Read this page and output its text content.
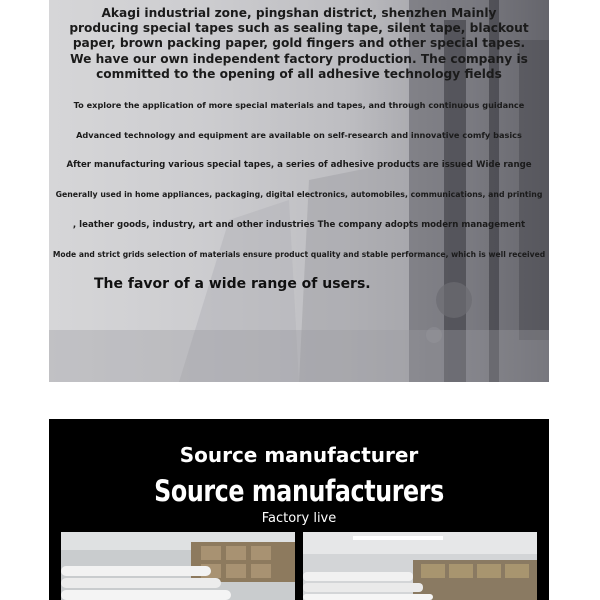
Akagi industrial zone, pingshan district, shenzhen Mainly
producing special tapes such as sealing tape, silent tape, blackout
paper, brown packing paper, gold fingers and other special tapes.
We have our own independent factory production. The company is
committed to the opening of all adhesive technology fields
To explore the application of more special materials and tapes, and through continuous guidance
Advanced technology and equipment are available on self-research and innovative comfy basics
After manufacturing various special tapes, a series of adhesive products are issued Wide range
Generally used in home appliances, packaging, digital electronics, automobiles, communications, and printing
, leather goods, industry, art and other industries The company adopts modern management
Mode and strict grids selection of materials ensure product quality and stable performance, which is well received
The favor of a wide range of users.
Source manufacturer
Source manufacturers
Factory live
